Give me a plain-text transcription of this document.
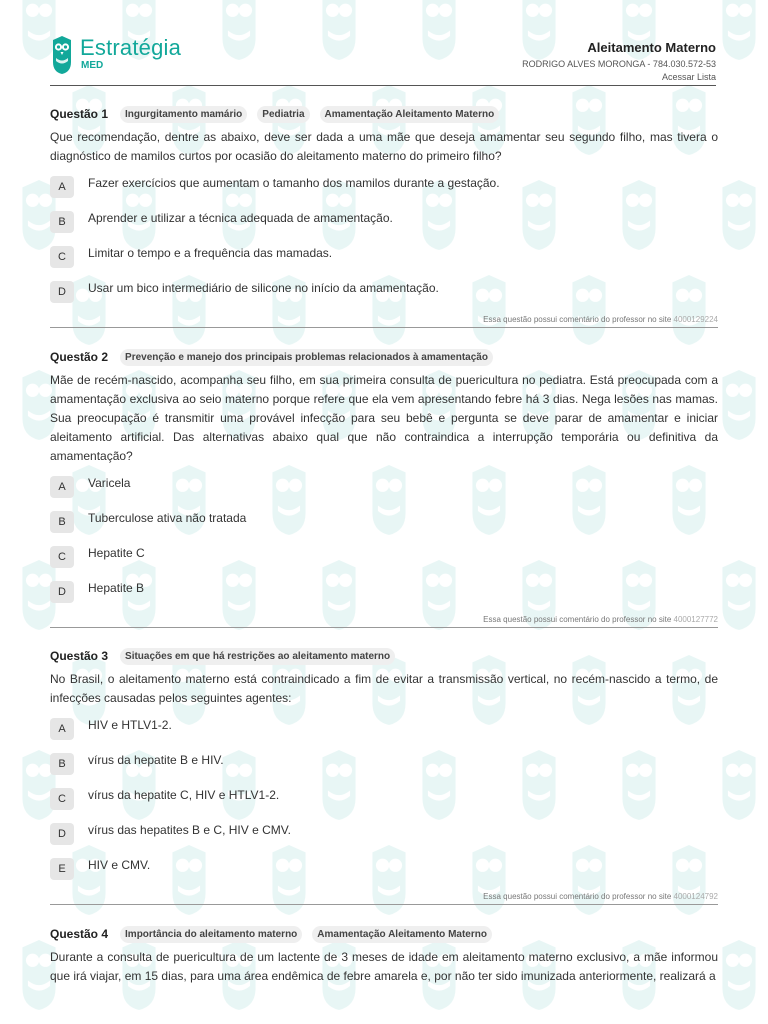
Estratégia
MED
Aleitamento Materno
RODRIGO ALVES MORONGA - 784.030.572-53
Acessar Lista
Questão 1	Ingurgitamento mamário	Pediatria	Amamentação Aleitamento Materno
Que recomendação, dentre as abaixo, deve ser dada a uma mãe que deseja amamentar seu segundo filho, mas tivera o diagnóstico de mamilos curtos por ocasião do aleitamento materno do primeiro filho?
A	Fazer exercícios que aumentam o tamanho dos mamilos durante a gestação.
B	Aprender e utilizar a técnica adequada de amamentação.
C	Limitar o tempo e a frequência das mamadas.
D	Usar um bico intermediário de silicone no início da amamentação.
Essa questão possui comentário do professor no site 4000129224
Questão 2	Prevenção e manejo dos principais problemas relacionados à amamentação
Mãe de recém-nascido, acompanha seu filho, em sua primeira consulta de puericultura no pediatra. Está preocupada com a amamentação exclusiva ao seio materno porque refere que ela vem apresentando febre há 3 dias. Nega lesões nas mamas. Sua preocupação é transmitir uma provável infecção para seu bebê e pergunta se deve parar de amamentar e iniciar aleitamento artificial. Das alternativas abaixo qual que não contraindica a interrupção temporária ou definitiva da amamentação?
A	Varicela
B	Tuberculose ativa não tratada
C	Hepatite C
D	Hepatite B
Essa questão possui comentário do professor no site 4000127772
Questão 3	Situações em que há restrições ao aleitamento materno
No Brasil, o aleitamento materno está contraindicado a fim de evitar a transmissão vertical, no recém-nascido a termo, de infecções causadas pelos seguintes agentes:
A	HIV e HTLV1-2.
B	vírus da hepatite B e HIV.
C	vírus da hepatite C, HIV e HTLV1-2.
D	vírus das hepatites B e C, HIV e CMV.
E	HIV e CMV.
Essa questão possui comentário do professor no site 4000124792
Questão 4	Importância do aleitamento materno	Amamentação Aleitamento Materno
Durante a consulta de puericultura de um lactente de 3 meses de idade em aleitamento materno exclusivo, a mãe informou que irá viajar, em 15 dias, para uma área endêmica de febre amarela e, por não ter sido imunizada anteriormente, realizará a
